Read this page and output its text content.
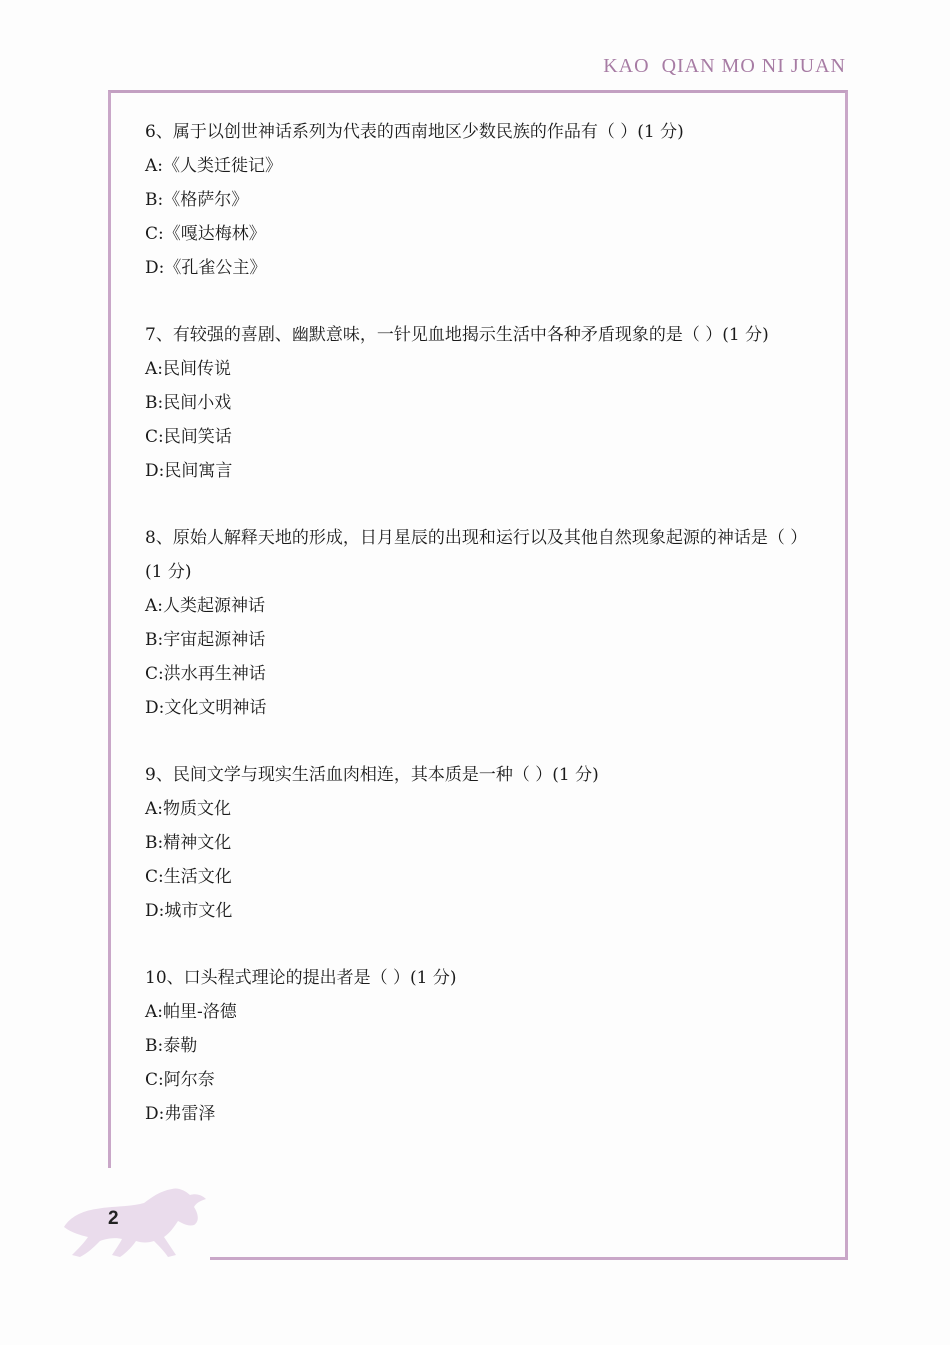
KAO  QIAN MO NI JUAN

6、属于以创世神话系列为代表的西南地区少数民族的作品有（ ）(1 分)

A:《人类迁徙记》

B:《格萨尔》

C:《嘎达梅林》

D:《孔雀公主》

7、有较强的喜剧、幽默意味，一针见血地揭示生活中各种矛盾现象的是（ ）(1 分)

A:民间传说

B:民间小戏

C:民间笑话

D:民间寓言

8、原始人解释天地的形成，日月星辰的出现和运行以及其他自然现象起源的神话是（ ）(1 分)

A:人类起源神话

B:宇宙起源神话

C:洪水再生神话

D:文化文明神话

9、民间文学与现实生活血肉相连，其本质是一种（ ）(1 分)

A:物质文化

B:精神文化

C:生活文化

D:城市文化

10、口头程式理论的提出者是（ ）(1 分)

A:帕里-洛德

B:泰勒

C:阿尔奈

D:弗雷泽

2
